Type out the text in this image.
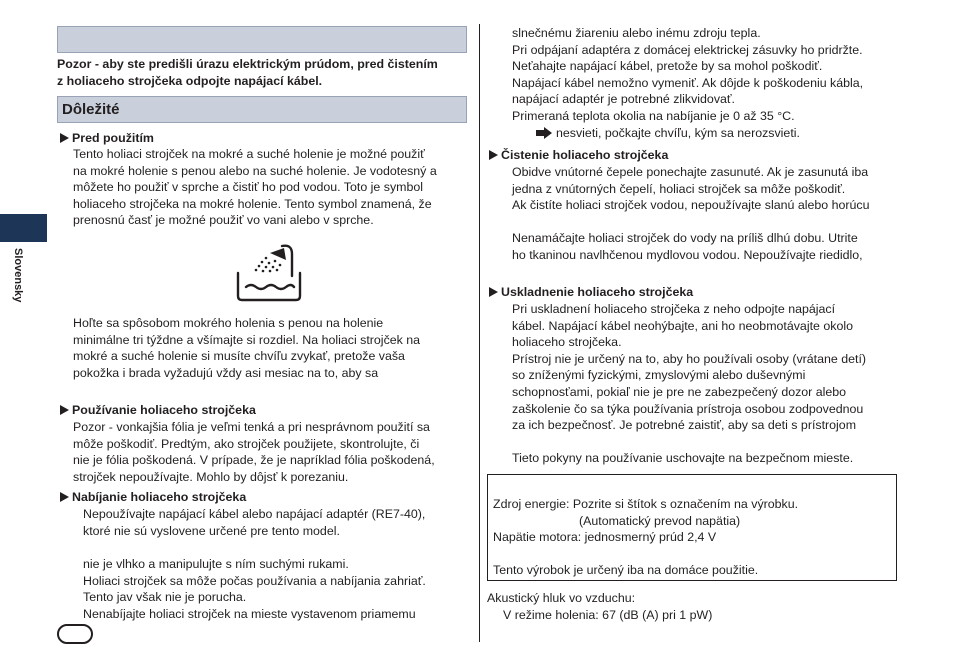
Pozor - aby ste predišli úrazu elektrickým prúdom, pred čistením
z holiaceho strojčeka odpojte napájací kábel.
Dôležité
Slovensky
Pred použitím
Tento holiaci strojček na mokré a suché holenie je možné použiť
na mokré holenie s penou alebo na suché holenie. Je vodotesný a
môžete ho použiť v sprche a čistiť ho pod vodou. Toto je symbol
holiaceho strojčeka na mokré holenie. Tento symbol znamená, že
prenosnú časť je možné použiť vo vani alebo v sprche.
Hoľte sa spôsobom mokrého holenia s penou na holenie
minimálne tri týždne a všímajte si rozdiel. Na holiaci strojček na
mokré a suché holenie si musíte chvíľu zvykať, pretože vaša
pokožka i brada vyžadujú vždy asi mesiac na to, aby sa
Používanie holiaceho strojčeka
Pozor - vonkajšia fólia je veľmi tenká a pri nesprávnom použití sa
môže poškodiť. Predtým, ako strojček použijete, skontrolujte, či
nie je fólia poškodená. V prípade, že je napríklad fólia poškodená,
strojček nepoužívajte. Mohlo by dôjsť k porezaniu.
Nabíjanie holiaceho strojčeka
Nepoužívajte napájací kábel alebo napájací adaptér (RE7-40),
ktoré nie sú vyslovene určené pre tento model.
nie je vlhko a manipulujte s ním suchými rukami.
Holiaci strojček sa môže počas používania a nabíjania zahriať.
Tento jav však nie je porucha.
Nenabíjajte holiaci strojček na mieste vystavenom priamemu
slnečnému žiareniu alebo inému zdroju tepla.
Pri odpájaní adaptéra z domácej elektrickej zásuvky ho pridržte.
Neťahajte napájací kábel, pretože by sa mohol poškodiť.
Napájací kábel nemožno vymeniť. Ak dôjde k poškodeniu kábla,
napájací adaptér je potrebné zlikvidovať.
Primeraná teplota okolia na nabíjanie je 0 až 35 °C.
nesvieti, počkajte chvíľu, kým sa nerozsvieti.
Čistenie holiaceho strojčeka
Obidve vnútorné čepele ponechajte zasunuté. Ak je zasunutá iba
jedna z vnútorných čepelí, holiaci strojček sa môže poškodiť.
Ak čistíte holiaci strojček vodou, nepoužívajte slanú alebo horúcu
Nenamáčajte holiaci strojček do vody na príliš dlhú dobu. Utrite
ho tkaninou navlhčenou mydlovou vodou. Nepoužívajte riedidlo,
Uskladnenie holiaceho strojčeka
Pri uskladnení holiaceho strojčeka z neho odpojte napájací
kábel. Napájací kábel neohýbajte, ani ho neobmotávajte okolo
holiaceho strojčeka.
Prístroj nie je určený na to, aby ho používali osoby (vrátane detí)
so zníženými fyzickými, zmyslovými alebo duševnými
schopnosťami, pokiaľ nie je pre ne zabezpečený dozor alebo
zaškolenie čo sa týka používania prístroja osobou zodpovednou
za ich bezpečnosť. Je potrebné zaistiť, aby sa deti s prístrojom
Tieto pokyny na používanie uschovajte na bezpečnom mieste.
Zdroj energie: Pozrite si štítok s označením na výrobku.
(Automatický prevod napätia)
Napätie motora: jednosmerný prúd 2,4 V
Tento výrobok je určený iba na domáce použitie.
Akustický hluk vo vzduchu:
V režime holenia: 67 (dB (A) pri 1 pW)
